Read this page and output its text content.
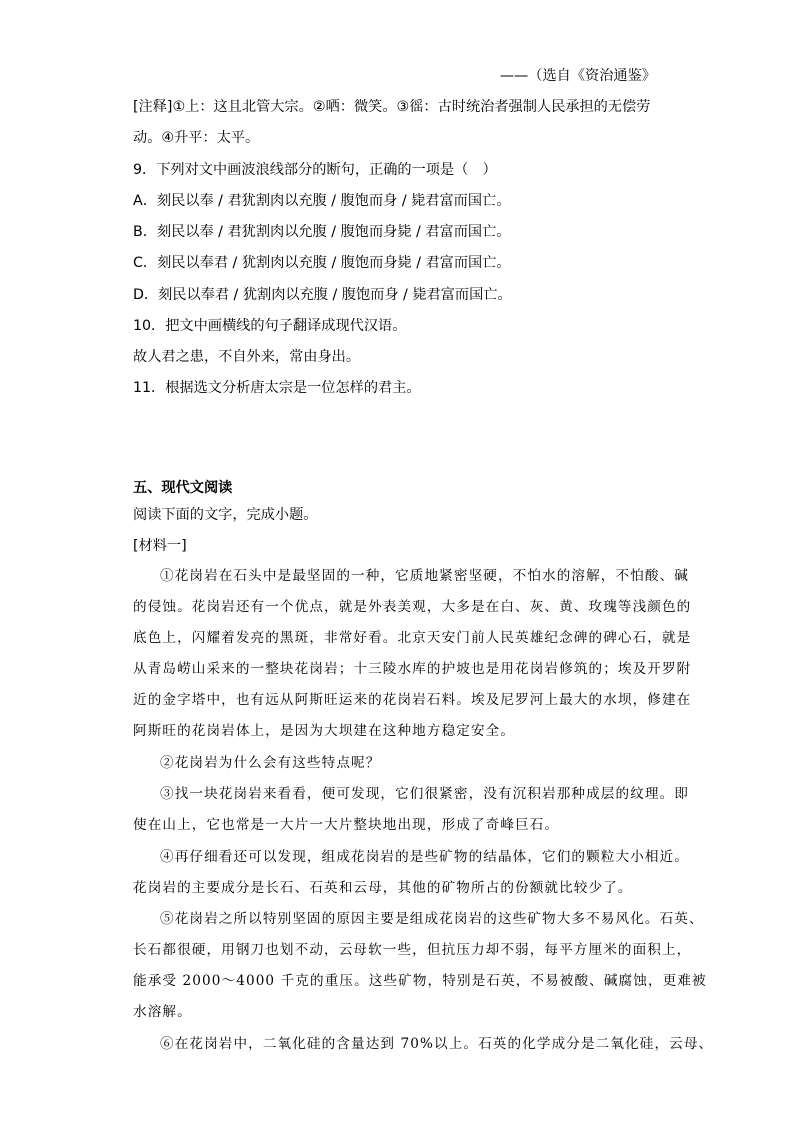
——（选自《资治通鉴》
[注释]①上：这且北管大宗。②哂：微笑。③徭：古时统治者强制人民承担的无偿劳
动。④升平：太平。
9．下列对文中画波浪线部分的断句，正确的一项是（　）
A．刻民以奉 / 君犹割肉以充腹 / 腹饱而身 / 毙君富而国亡。
B．刻民以奉 / 君犹割肉以允腹 / 腹饱而身毙 / 君富而国亡。
C．刻民以奉君 / 犹割肉以充腹 / 腹饱而身毙 / 君富而国亡。
D．刻民以奉君 / 犹割肉以充腹 / 腹饱而身 / 毙君富而国亡。
10．把文中画横线的句子翻译成现代汉语。
故人君之患，不自外来，常由身出。
11．根据选文分析唐太宗是一位怎样的君主。
五、现代文阅读
阅读下面的文字，完成小题。
[材料一]
①花岗岩在石头中是最坚固的一种，它质地紧密坚硬，不怕水的溶解，不怕酸、碱
的侵蚀。花岗岩还有一个优点，就是外表美观，大多是在白、灰、黄、玫瑰等浅颜色的
底色上，闪耀着发亮的黑斑，非常好看。北京天安门前人民英雄纪念碑的碑心石，就是
从青岛崂山采来的一整块花岗岩；十三陵水库的护坡也是用花岗岩修筑的；埃及开罗附
近的金字塔中，也有远从阿斯旺运来的花岗岩石料。埃及尼罗河上最大的水坝，修建在
阿斯旺的花岗岩体上，是因为大坝建在这种地方稳定安全。
②花岗岩为什么会有这些特点呢？
③找一块花岗岩来看看，便可发现，它们很紧密，没有沉积岩那种成层的纹理。即
使在山上，它也常是一大片一大片整块地出现，形成了奇峰巨石。
④再仔细看还可以发现，组成花岗岩的是些矿物的结晶体，它们的颗粒大小相近。
花岗岩的主要成分是长石、石英和云母，其他的矿物所占的份额就比较少了。
⑤花岗岩之所以特别坚固的原因主要是组成花岗岩的这些矿物大多不易风化。石英、
长石都很硬，用钢刀也划不动，云母软一些，但抗压力却不弱，每平方厘米的面积上，
能承受 2000～4000 千克的重压。这些矿物，特别是石英，不易被酸、碱腐蚀，更难被
水溶解。
⑥在花岗岩中，二氧化硅的含量达到 70%以上。石英的化学成分是二氧化硅，云母、
